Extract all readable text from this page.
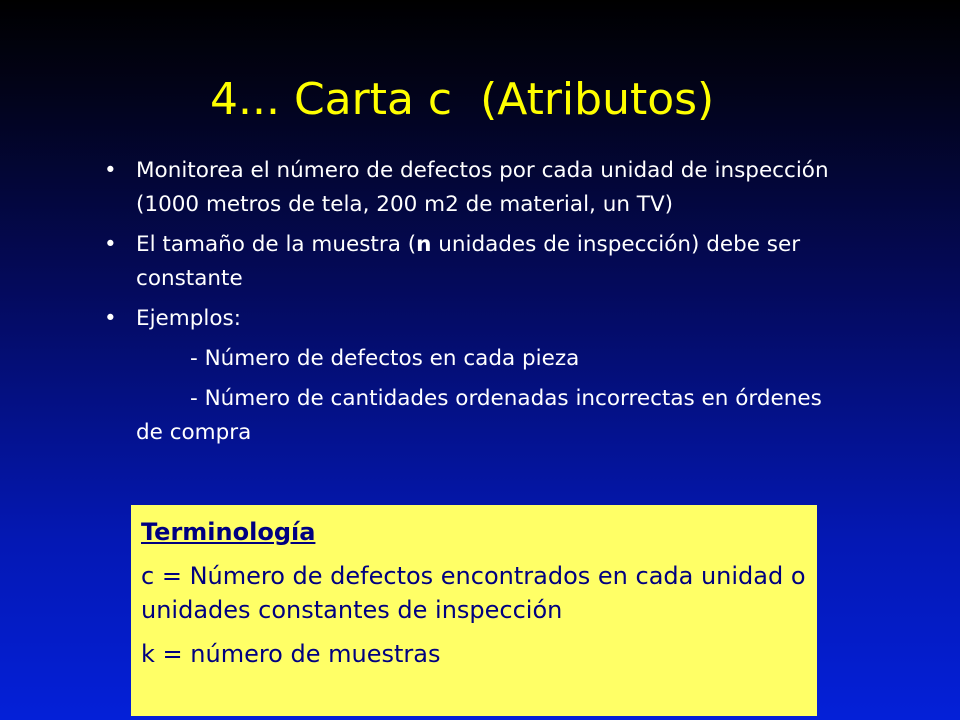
4... Carta c  (Atributos)
• Monitorea el número de defectos por cada unidad de inspección (1000 metros de tela, 200 m2 de material, un TV)
• El tamaño de la muestra (n unidades de inspección) debe ser constante
• Ejemplos:
- Número de defectos en cada pieza
- Número de cantidades ordenadas incorrectas en órdenes de compra
Terminología
c = Número de defectos encontrados en cada unidad o unidades constantes de inspección
k = número de muestras
